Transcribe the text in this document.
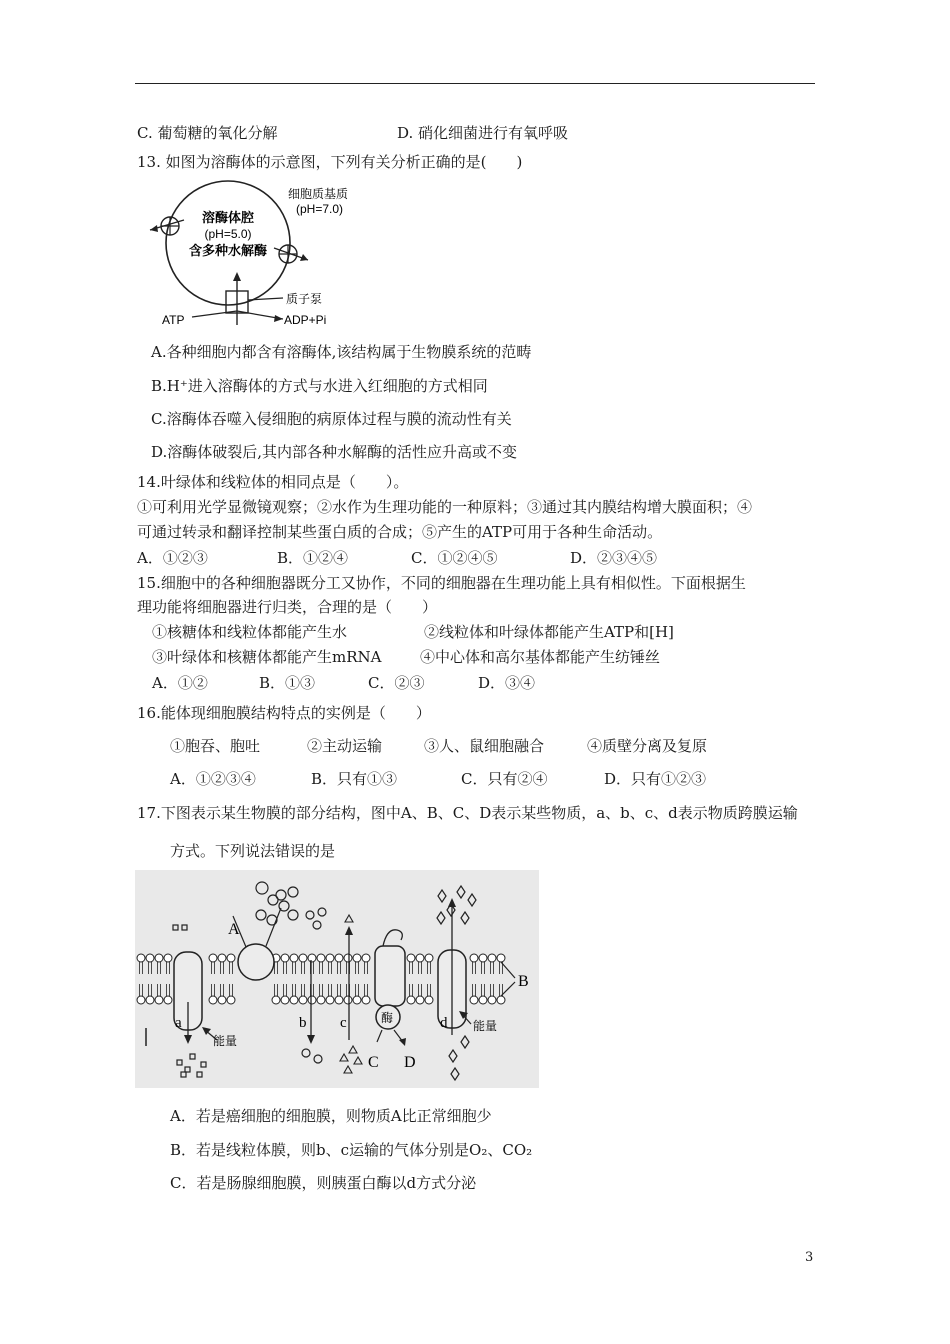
C. 葡萄糖的氧化分解	D. 硝化细菌进行有氧呼吸
13. 如图为溶酶体的示意图，下列有关分析正确的是(　　)
溶酶体腔
(pH=5.0)
含多种水解酶
细胞质基质
(pH=7.0)
质子泵
ATP	ADP+Pi
A.各种细胞内都含有溶酶体,该结构属于生物膜系统的范畴
B.H⁺进入溶酶体的方式与水进入红细胞的方式相同
C.溶酶体吞噬入侵细胞的病原体过程与膜的流动性有关
D.溶酶体破裂后,其内部各种水解酶的活性应升高或不变
14.叶绿体和线粒体的相同点是（　　）。
①可利用光学显微镜观察；②水作为生理功能的一种原料；③通过其内膜结构增大膜面积；④
可通过转录和翻译控制某些蛋白质的合成；⑤产生的ATP可用于各种生命活动。
A．①②③	B．①②④	C．①②④⑤	D．②③④⑤
15.细胞中的各种细胞器既分工又协作，不同的细胞器在生理功能上具有相似性。下面根据生
理功能将细胞器进行归类，合理的是（　　）
①核糖体和线粒体都能产生水	②线粒体和叶绿体都能产生ATP和[H]
③叶绿体和核糖体都能产生mRNA	④中心体和高尔基体都能产生纺锤丝
A．①②	B．①③	C．②③	D．③④
16.能体现细胞膜结构特点的实例是（　　）
①胞吞、胞吐	②主动运输	③人、鼠细胞融合	④质壁分离及复原
A．①②③④	B．只有①③	C．只有②④	D．只有①②③
17.下图表示某生物膜的部分结构，图中A、B、C、D表示某些物质，a、b、c、d表示物质跨膜运输
方式。下列说法错误的是
A
B
C D
a	b c	d
能量
能量
酶
A．若是癌细胞的细胞膜，则物质A比正常细胞少
B．若是线粒体膜，则b、c运输的气体分别是O₂、CO₂
C．若是肠腺细胞膜，则胰蛋白酶以d方式分泌
3
